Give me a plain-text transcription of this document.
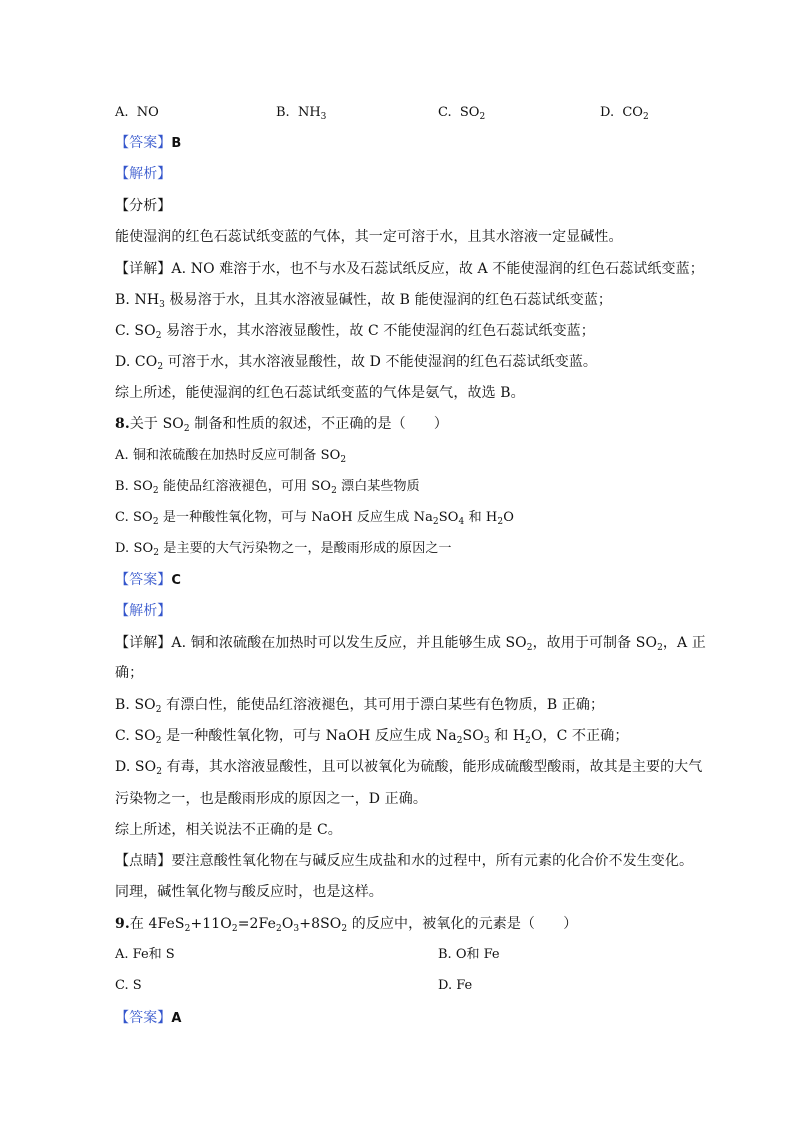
A. NO	B. $NH_3$	C. $SO_2$	D. $CO_2$
【答案】B
【解析】
【分析】
能使湿润的红色石蕊试纸变蓝的气体，其一定可溶于水，且其水溶液一定显碱性。
【详解】A. NO 难溶于水，也不与水及石蕊试纸反应，故 A 不能使湿润的红色石蕊试纸变蓝；
B. $NH_3$ 极易溶于水，且其水溶液显碱性，故 B 能使湿润的红色石蕊试纸变蓝；
C. $SO_2$ 易溶于水，其水溶液显酸性，故 C 不能使湿润的红色石蕊试纸变蓝；
D. $CO_2$ 可溶于水，其水溶液显酸性，故 D 不能使湿润的红色石蕊试纸变蓝。
综上所述，能使湿润的红色石蕊试纸变蓝的气体是氨气，故选 B。
8.关于 $SO_2$ 制备和性质的叙述，不正确的是（　　）
A. 铜和浓硫酸在加热时反应可制备 $SO_2$
B. $SO_2$ 能使品红溶液褪色，可用 $SO_2$ 漂白某些物质
C. $SO_2$ 是一种酸性氧化物，可与 NaOH 反应生成 $Na_2SO_4$ 和 $H_2O$
D. $SO_2$ 是主要的大气污染物之一，是酸雨形成的原因之一
【答案】C
【解析】
【详解】A. 铜和浓硫酸在加热时可以发生反应，并且能够生成 $SO_2$，故用于可制备 $SO_2$，A 正
确；
B. $SO_2$ 有漂白性，能使品红溶液褪色，其可用于漂白某些有色物质，B 正确；
C. $SO_2$ 是一种酸性氧化物，可与 NaOH 反应生成 $Na_2SO_3$ 和 $H_2O$，C 不正确；
D. $SO_2$ 有毒，其水溶液显酸性，且可以被氧化为硫酸，能形成硫酸型酸雨，故其是主要的大气
污染物之一，也是酸雨形成的原因之一，D 正确。
综上所述，相关说法不正确的是 C。
【点睛】要注意酸性氧化物在与碱反应生成盐和水的过程中，所有元素的化合价不发生变化。
同理，碱性氧化物与酸反应时，也是这样。
9.在 $4FeS_2+11O_2=2Fe_2O_3+8SO_2$ 的反应中，被氧化的元素是（　　）
A. Fe和 S	B. O和 Fe
C. S	D. Fe
【答案】A
